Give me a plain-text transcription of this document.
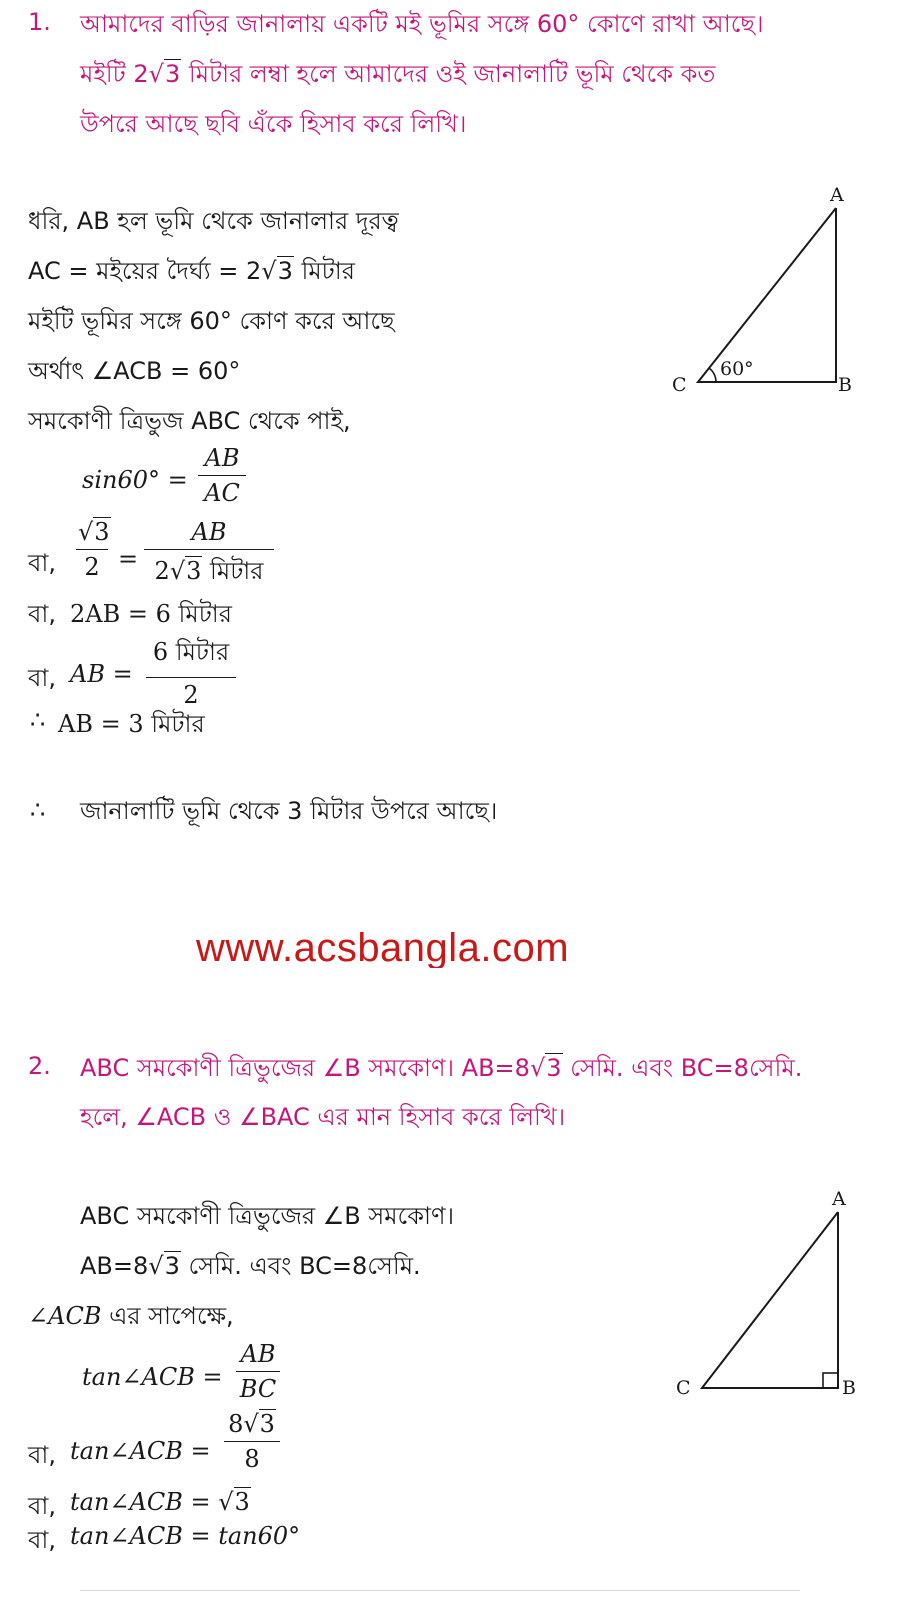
1. আমাদের বাড়ির জানালায় একটি মই ভূমির সঙ্গে 60° কোণে রাখা আছে।
মইটি 2√3 মিটার লম্বা হলে আমাদের ওই জানালাটি ভূমি থেকে কত
উপরে আছে ছবি এঁকে হিসাব করে লিখি।
ধরি, AB হল ভূমি থেকে জানালার দূরত্ব
AC = মইয়ের দৈর্ঘ্য = 2√3 মিটার
মইটি ভূমির সঙ্গে 60° কোণ করে আছে
অর্থাৎ ∠ACB = 60°
সমকোণী ত্রিভুজ ABC থেকে পাই,
sin60° =
AB
AC
বা,
√3
2 =
AB
2√3 মিটার
বা, 2AB = 6 মিটার
বা, AB =
6 মিটার
2
∴ AB = 3 মিটার
∴ জানালাটি ভূমি থেকে 3 মিটার উপরে আছে।
A
B
C
60°
www.acsbangla.com
2. ABC সমকোণী ত্রিভুজের ∠B সমকোণ। AB=8√3 সেমি. এবং BC=8সেমি.
হলে, ∠ACB ও ∠BAC এর মান হিসাব করে লিখি।
ABC সমকোণী ত্রিভুজের ∠B সমকোণ।
AB=8√3 সেমি. এবং BC=8সেমি.
∠ACB এর সাপেক্ষে,
tan∠ACB =
AB
BC
বা, tan∠ACB =
8√3
8
বা, tan∠ACB = √3
বা, tan∠ACB = tan60°
A
B
C
